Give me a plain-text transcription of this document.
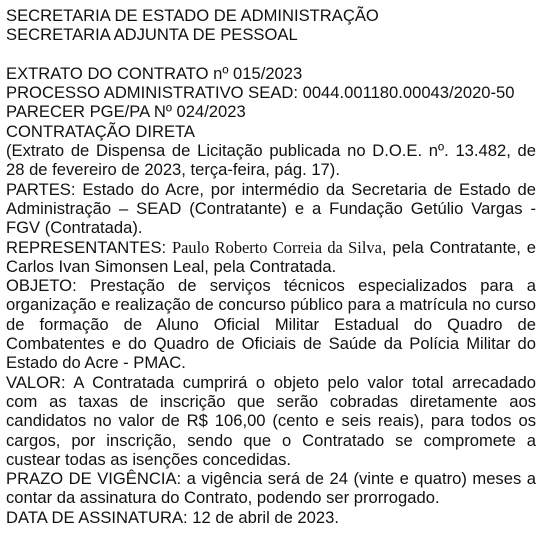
SECRETARIA DE ESTADO DE ADMINISTRAÇÃO

SECRETARIA ADJUNTA DE PESSOAL

EXTRATO DO CONTRATO nº 015/2023

PROCESSO ADMINISTRATIVO SEAD: 0044.001180.00043/2020-50

PARECER PGE/PA Nº 024/2023

CONTRATAÇÃO DIRETA

(Extrato de Dispensa de Licitação publicada no D.O.E. nº. 13.482, de 28 de fevereiro de 2023, terça-feira, pág. 17).

PARTES: Estado do Acre, por intermédio da Secretaria de Estado de Administração – SEAD (Contratante) e a Fundação Getúlio Vargas - FGV (Contratada).

REPRESENTANTES: Paulo Roberto Correia da Silva, pela Contratante, e

Carlos Ivan Simonsen Leal, pela Contratada.

OBJETO: Prestação de serviços técnicos especializados para a organização e realização de concurso público para a matrícula no curso de formação de Aluno Oficial Militar Estadual do Quadro de Combatentes e do Quadro de Oficiais de Saúde da Polícia Militar do Estado do Acre - PMAC.

VALOR: A Contratada cumprirá o objeto pelo valor total arrecadado com as taxas de inscrição que serão cobradas diretamente aos candidatos no valor de R$ 106,00 (cento e seis reais), para todos os cargos, por inscrição, sendo que o Contratado se compromete a custear todas as isenções concedidas.

PRAZO DE VIGÊNCIA: a vigência será de 24 (vinte e quatro) meses a contar da assinatura do Contrato, podendo ser prorrogado.

DATA DE ASSINATURA: 12 de abril de 2023.
